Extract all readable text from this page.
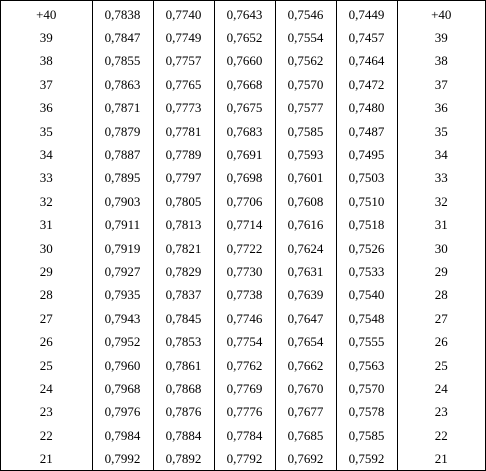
+40	0,7838	0,7740	0,7643	0,7546	0,7449	+40
39	0,7847	0,7749	0,7652	0,7554	0,7457	39
38	0,7855	0,7757	0,7660	0,7562	0,7464	38
37	0,7863	0,7765	0,7668	0,7570	0,7472	37
36	0,7871	0,7773	0,7675	0,7577	0,7480	36
35	0,7879	0,7781	0,7683	0,7585	0,7487	35
34	0,7887	0,7789	0,7691	0,7593	0,7495	34
33	0,7895	0,7797	0,7698	0,7601	0,7503	33
32	0,7903	0,7805	0,7706	0,7608	0,7510	32
31	0,7911	0,7813	0,7714	0,7616	0,7518	31
30	0,7919	0,7821	0,7722	0,7624	0,7526	30
29	0,7927	0,7829	0,7730	0,7631	0,7533	29
28	0,7935	0,7837	0,7738	0,7639	0,7540	28
27	0,7943	0,7845	0,7746	0,7647	0,7548	27
26	0,7952	0,7853	0,7754	0,7654	0,7555	26
25	0,7960	0,7861	0,7762	0,7662	0,7563	25
24	0,7968	0,7868	0,7769	0,7670	0,7570	24
23	0,7976	0,7876	0,7776	0,7677	0,7578	23
22	0,7984	0,7884	0,7784	0,7685	0,7585	22
21	0,7992	0,7892	0,7792	0,7692	0,7592	21
